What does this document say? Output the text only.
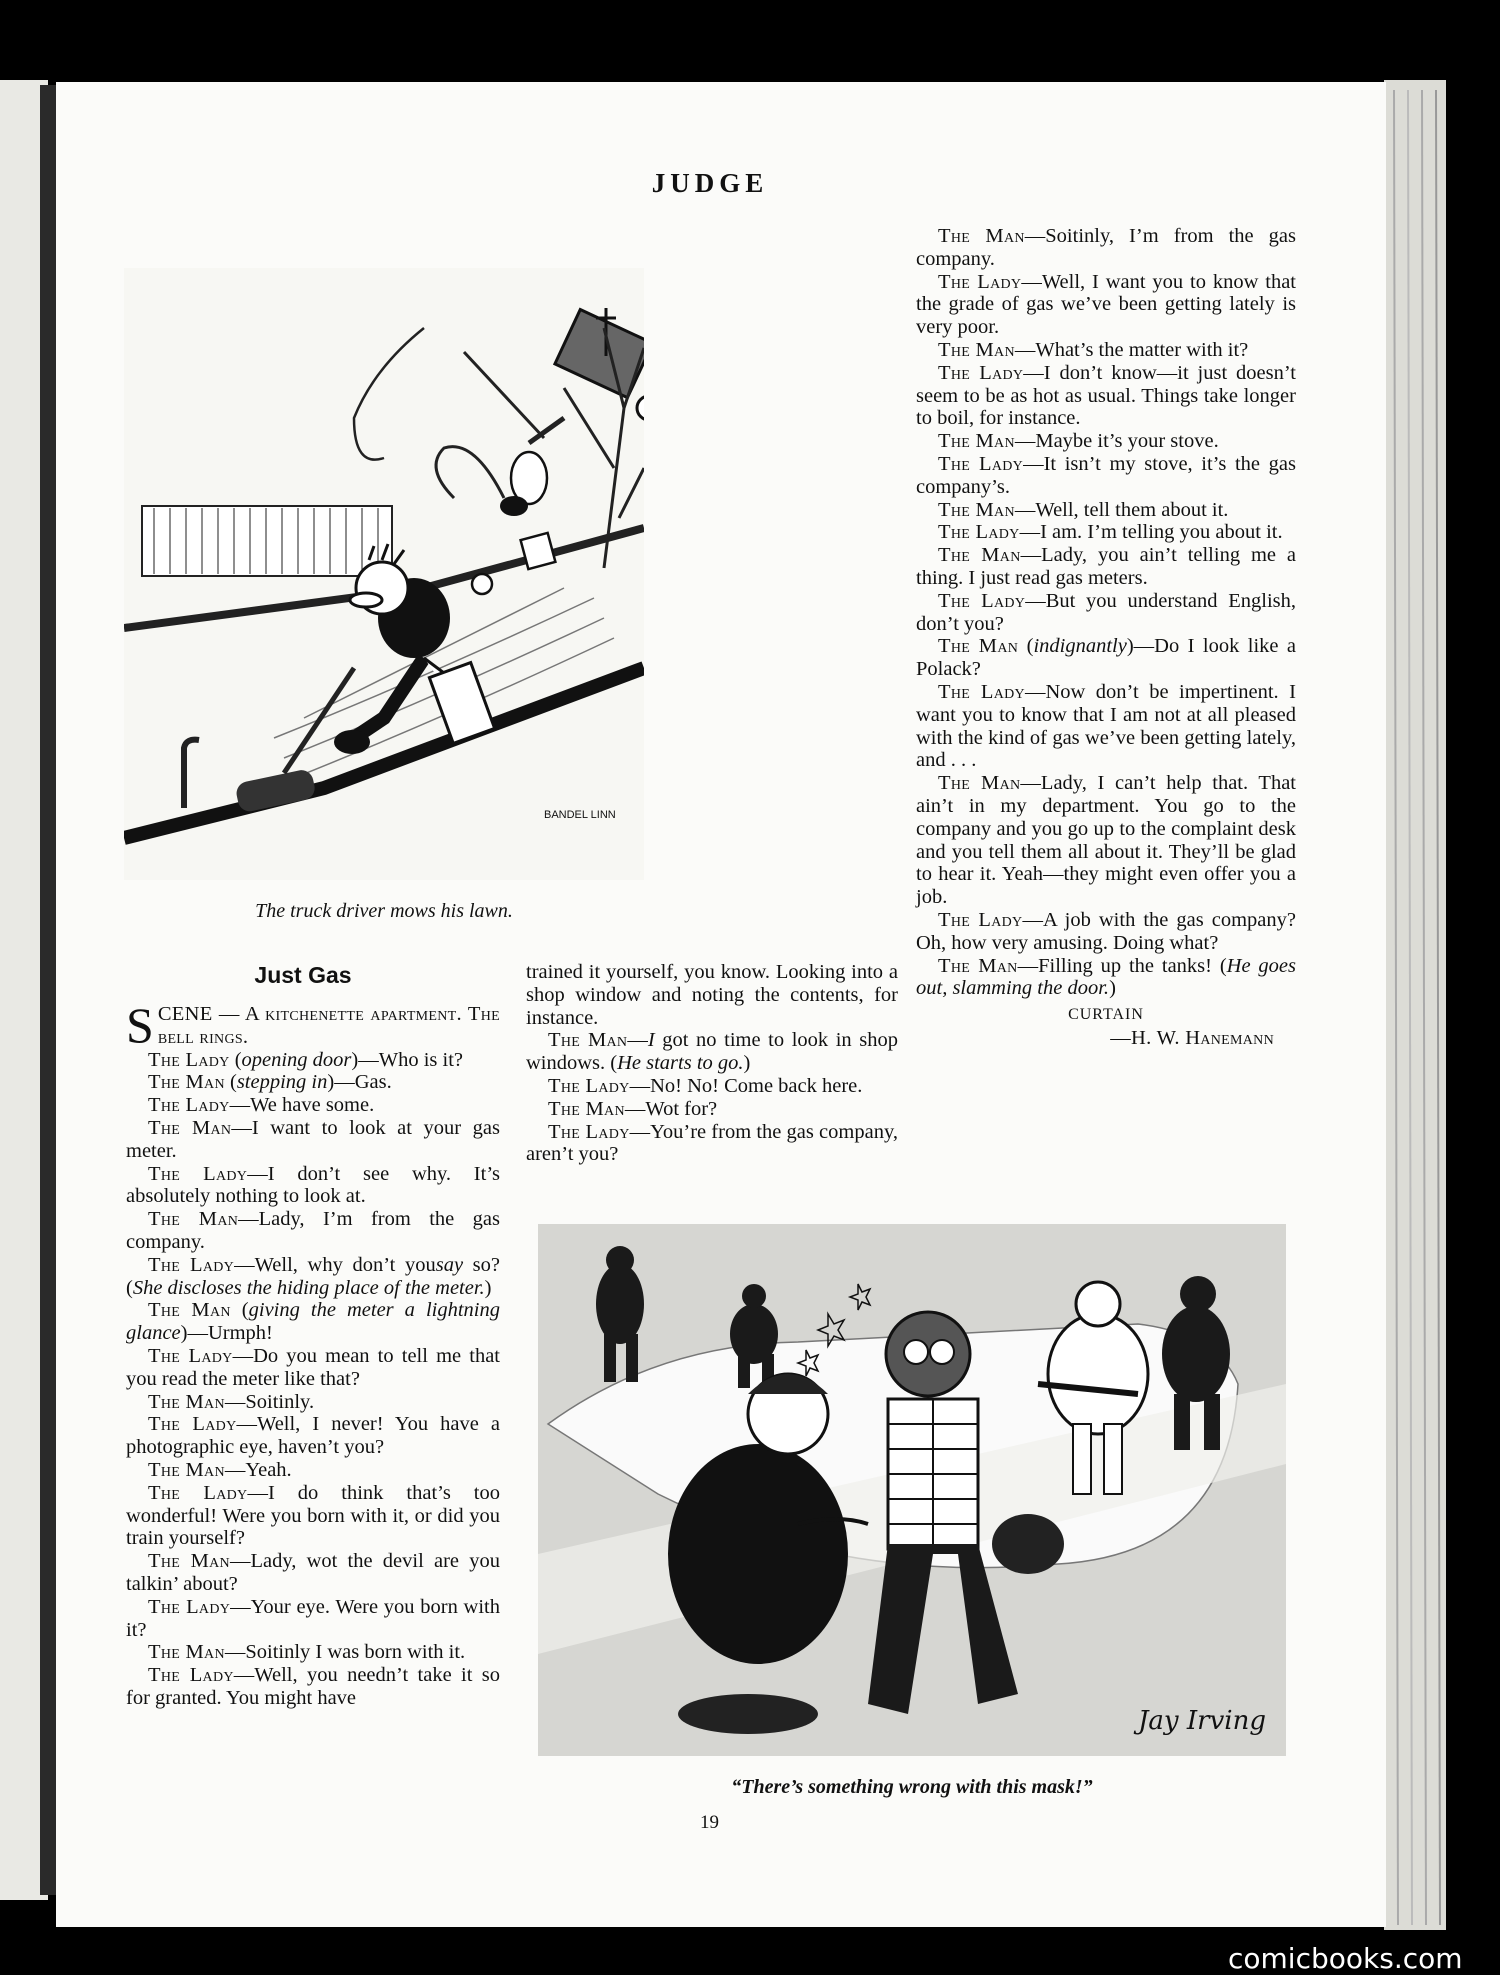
JUDGE
BANDEL LINN
The truck driver mows his lawn.
Just Gas

SCENE — A kitchenette apartment. The bell rings.

The Lady (opening door)—Who is it?

The Man (stepping in)—Gas.

The Lady—We have some.

The Man—I want to look at your gas meter.

The Lady—I don’t see why. It’s absolutely nothing to look at.

The Man—Lady, I’m from the gas company.

The Lady—Well, why don’t yousay so? (She discloses the hiding place of the meter.)

The Man (giving the meter a lightning glance)—Urmph!

The Lady—Do you mean to tell me that you read the meter like that?

The Man—Soitinly.

The Lady—Well, I never! You have a photographic eye, haven’t you?

The Man—Yeah.

The Lady—I do think that’s too wonderful! Were you born with it, or did you train yourself?

The Man—Lady, wot the devil are you talkin’ about?

The Lady—Your eye. Were you born with it?

The Man—Soitinly I was born with it.

The Lady—Well, you needn’t take it so for granted. You might have

trained it yourself, you know. Looking into a shop window and noting the contents, for instance.

The Man—I got no time to look in shop windows. (He starts to go.)

The Lady—No! No! Come back here.

The Man—Wot for?

The Lady—You’re from the gas company, aren’t you?

The Man—Soitinly, I’m from the gas company.

The Lady—Well, I want you to know that the grade of gas we’ve been getting lately is very poor.

The Man—What’s the matter with it?

The Lady—I don’t know—it just doesn’t seem to be as hot as usual. Things take longer to boil, for instance.

The Man—Maybe it’s your stove.

The Lady—It isn’t my stove, it’s the gas company’s.

The Man—Well, tell them about it.

The Lady—I am. I’m telling you about it.

The Man—Lady, you ain’t telling me a thing. I just read gas meters.

The Lady—But you understand English, don’t you?

The Man (indignantly)—Do I look like a Polack?

The Lady—Now don’t be impertinent. I want you to know that I am not at all pleased with the kind of gas we’ve been getting lately, and . . .

The Man—Lady, I can’t help that. That ain’t in my department. You go to the company and you go up to the complaint desk and you tell them all about it. They’ll be glad to hear it. Yeah—they might even offer you a job.

The Lady—A job with the gas company? Oh, how very amusing. Doing what?

The Man—Filling up the tanks! (He goes out, slamming the door.)

CURTAIN

—H. W. Hanemann

Jay Irving
“There’s something wrong with this mask!”
19
comicbooks.com
